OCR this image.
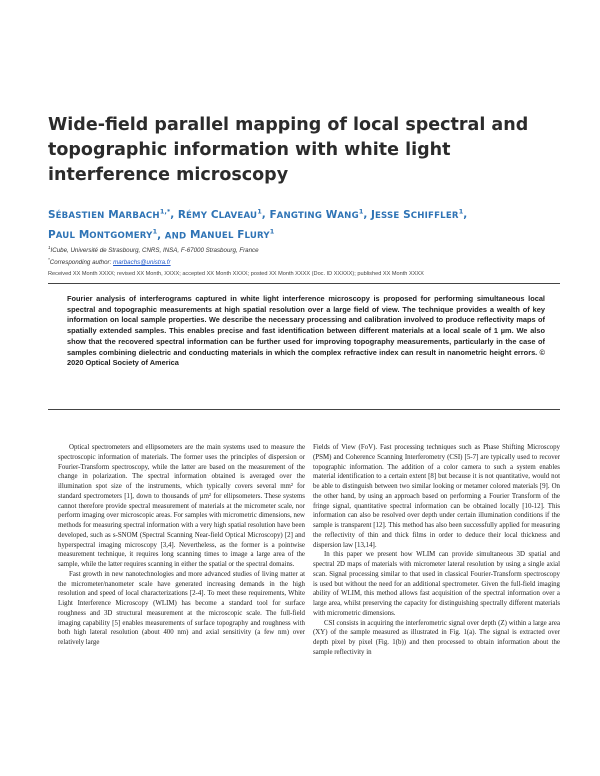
Wide-field parallel mapping of local spectral and topographic information with white light interference microscopy

SÉBASTIEN $MARBACH^{1,*}$, RÉMY CLAVEAU$^1$, FANGTING WANG$^1$, JESSE SCHIFFLER$^1$,
PAUL MONTGOMERY$^1$, AND MANUEL FLURY$^1$

$^1$ICube, Université de Strasbourg, CNRS, INSA, F-67000 Strasbourg, France

*Corresponding author: marbachs@unistra.fr

Received XX Month XXXX; revised XX Month, XXXX; accepted XX Month XXXX; posted XX Month XXXX (Doc. ID XXXXX); published XX Month XXXX

Fourier analysis of interferograms captured in white light interference microscopy is proposed for performing simultaneous local spectral and topographic measurements at high spatial resolution over a large field of view. The technique provides a wealth of key information on local sample properties. We describe the necessary processing and calibration involved to produce reflectivity maps of spatially extended samples. This enables precise and fast identification between different materials at a local scale of 1 µm. We also show that the recovered spectral information can be further used for improving topography measurements, particularly in the case of samples combining dielectric and conducting materials in which the complex refractive index can result in nanometric height errors. © 2020 Optical Society of America

Optical spectrometers and ellipsometers are the main systems used to measure the spectroscopic information of materials. The former uses the principles of dispersion or Fourier-Transform spectroscopy, while the latter are based on the measurement of the change in polarization. The spectral information obtained is averaged over the illumination spot size of the instruments, which typically covers several mm² for standard spectrometers [1], down to thousands of µm² for ellipsometers. These systems cannot therefore provide spectral measurement of materials at the micrometer scale, nor perform imaging over microscopic areas. For samples with micrometric dimensions, new methods for measuring spectral information with a very high spatial resolution have been developed, such as s-SNOM (Spectral Scanning Near-field Optical Microscopy) [2] and hyperspectral imaging microscopy [3,4]. Nevertheless, as the former is a pointwise measurement technique, it requires long scanning times to image a large area of the sample, while the latter requires scanning in either the spatial or the spectral domains.

Fast growth in new nanotechnologies and more advanced studies of living matter at the micrometer/nanometer scale have generated increasing demands in the high resolution and speed of local characterizations [2-4]. To meet these requirements, White Light Interference Microscopy (WLIM) has become a standard tool for surface roughness and 3D structural measurement at the microscopic scale. The full-field imaging capability [5] enables measurements of surface topography and roughness with both high lateral resolution (about 400 nm) and axial sensitivity (a few nm) over relatively large

Fields of View (FoV). Fast processing techniques such as Phase Shifting Microscopy (PSM) and Coherence Scanning Interferometry (CSI) [5-7] are typically used to recover topographic information. The addition of a color camera to such a system enables material identification to a certain extent [8] but because it is not quantitative, would not be able to distinguish between two similar looking or metamer colored materials [9]. On the other hand, by using an approach based on performing a Fourier Transform of the fringe signal, quantitative spectral information can be obtained locally [10-12]. This information can also be resolved over depth under certain illumination conditions if the sample is transparent [12]. This method has also been successfully applied for measuring the reflectivity of thin and thick films in order to deduce their local thickness and dispersion law [13,14].

In this paper we present how WLIM can provide simultaneous 3D spatial and spectral 2D maps of materials with micrometer lateral resolution by using a single axial scan. Signal processing similar to that used in classical Fourier-Transform spectroscopy is used but without the need for an additional spectrometer. Given the full-field imaging ability of WLIM, this method allows fast acquisition of the spectral information over a large area, whilst preserving the capacity for distinguishing spectrally different materials with micrometric dimensions.

CSI consists in acquiring the interferometric signal over depth (Z) within a large area (XY) of the sample measured as illustrated in Fig. 1(a). The signal is extracted over depth pixel by pixel (Fig. 1(b)) and then processed to obtain information about the sample reflectivity in
